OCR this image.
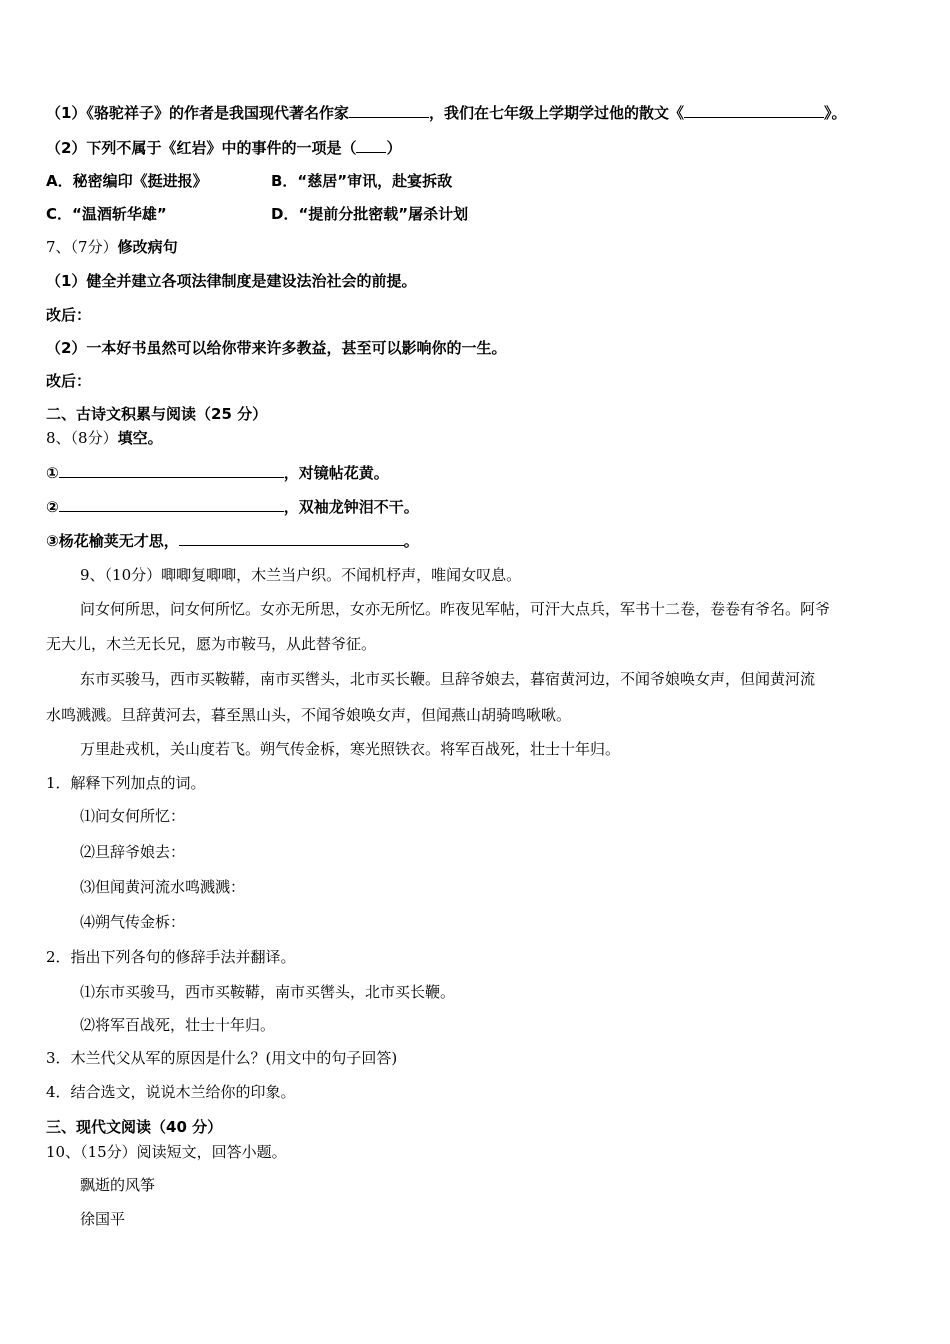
（1）《骆驼祥子》的作者是我国现代著名作家	，我们在七年级上学期学过他的散文《	》。
（2）下列不属于《红岩》中的事件的一项是（ ）
A．秘密编印《挺进报》	B．“慈居”审讯，赴宴拆敌
C．“温酒斩华雄”	D．“提前分批密载”屠杀计划
7、（7分）修改病句
（1）健全并建立各项法律制度是建设法治社会的前提。
改后：
（2）一本好书虽然可以给你带来许多教益，甚至可以影响你的一生。
改后：
二、古诗文积累与阅读（25 分）
8、（8分）填空。
①	，对镜帖花黄。
②	，双袖龙钟泪不干。
③杨花榆荚无才思，	。
9、（10分）唧唧复唧唧，木兰当户织。不闻机杼声，唯闻女叹息。
问女何所思，问女何所忆。女亦无所思，女亦无所忆。昨夜见军帖，可汗大点兵，军书十二卷，卷卷有爷名。阿爷
无大儿，木兰无长兄，愿为市鞍马，从此替爷征。
东市买骏马，西市买鞍鞯，南市买辔头，北市买长鞭。旦辞爷娘去，暮宿黄河边，不闻爷娘唤女声，但闻黄河流
水鸣溅溅。旦辞黄河去，暮至黑山头，不闻爷娘唤女声，但闻燕山胡骑鸣啾啾。
万里赴戎机，关山度若飞。朔气传金柝，寒光照铁衣。将军百战死，壮士十年归。
1．解释下列加点的词。
⑴问女何所忆：
⑵旦辞爷娘去：
⑶但闻黄河流水鸣溅溅：
⑷朔气传金柝：
2．指出下列各句的修辞手法并翻译。
⑴东市买骏马，西市买鞍鞯，南市买辔头，北市买长鞭。
⑵将军百战死，壮士十年归。
3．木兰代父从军的原因是什么？(用文中的句子回答)
4．结合选文，说说木兰给你的印象。
三、现代文阅读（40 分）
10、（15分）阅读短文，回答小题。
飘逝的风筝
徐国平
